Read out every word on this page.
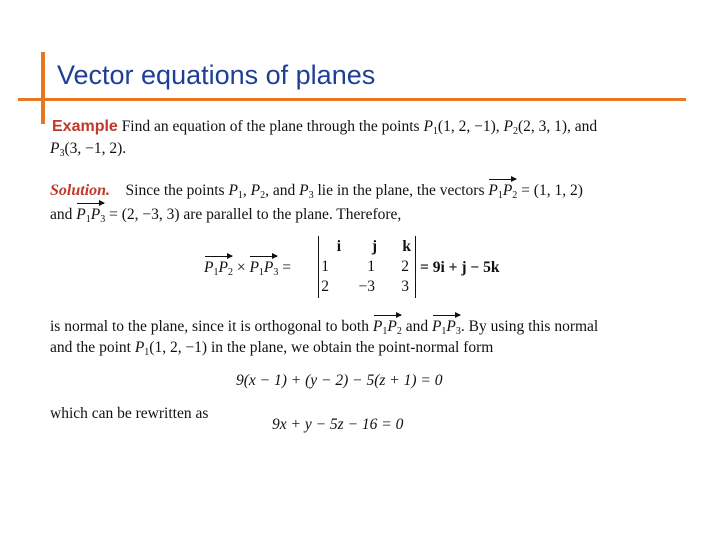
Vector equations of planes
Example Find an equation of the plane through the points $P_1(1$, 2, −1), $P_2(2$, 3, 1), and
$P_3(3$, −1, 2).
Solution. Since the points $P_1$, $P_2$, and $P_3$ lie in the plane, the vectors $P_1P_2 = (1$, 1, 2)
and $P_1P_3 = (2$, −3, 3) are parallel to the plane. Therefore,
$P_1P_2 \times P_1P_3$ =
i	j	k
1	1	2
2	−3	3
= 9i + j − 5k
is normal to the plane, since it is orthogonal to both $P_1P_2$ and $P_1P_3$. By using this normal
and the point $P_1(1$, 2, −1) in the plane, we obtain the point-normal form
9(x − 1) + (y − 2) − 5(z + 1) = 0
which can be rewritten as
9x + y − 5z − 16 = 0
